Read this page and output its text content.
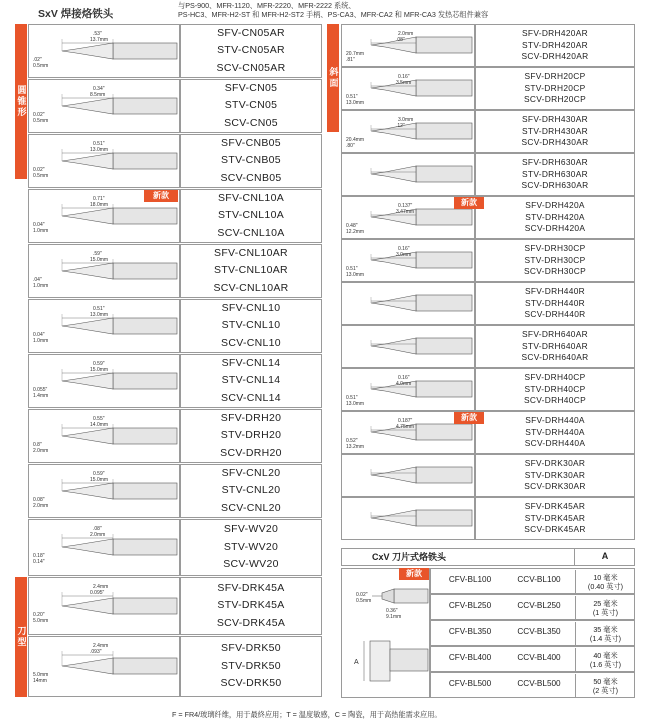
SxV 焊接烙铁头
与PS-900、MFR-1120、MFR-2220、MFR-2222 系统、
PS-HC3、MFR-H2-ST 和 MFR-H2-ST2 手柄、PS-CA3、MFR-CA2 和 MFR-CA3 发热芯组件兼容
圆锥形
斜面
刀型
.53"
13.7mm
.02"
0.5mm
SFV-CN05AR
STV-CN05AR
SCV-CN05AR
0.34"
8.5mm
0.02"
0.5mm
SFV-CN05
STV-CN05
SCV-CN05
0.51"
13.0mm
0.02"
0.5mm
SFV-CNB05
STV-CNB05
SCV-CNB05
0.71"
18.0mm
0.04"
1.0mm
SFV-CNL10A
STV-CNL10A
SCV-CNL10A
新款
.59"
15.0mm
.04"
1.0mm
SFV-CNL10AR
STV-CNL10AR
SCV-CNL10AR
0.51"
13.0mm
0.04"
1.0mm
SFV-CNL10
STV-CNL10
SCV-CNL10
0.59"
15.0mm
0.055"
1.4mm
SFV-CNL14
STV-CNL14
SCV-CNL14
0.55"
14.0mm
0.8"
2.0mm
SFV-DRH20
STV-DRH20
SCV-DRH20
0.59"
15.0mm
0.08"
2.0mm
SFV-CNL20
STV-CNL20
SCV-CNL20
.08"
2.0mm
0.18"
0.14"
SFV-WV20
STV-WV20
SCV-WV20
2.4mm
0.095"
0.20"
5.0mm
SFV-DRK45A
STV-DRK45A
SCV-DRK45A
2.4mm
.093"
5.0mm
14mm
SFV-DRK50
STV-DRK50
SCV-DRK50
2.0mm
.08"
20.7mm
.81"
SFV-DRH420AR
STV-DRH420AR
SCV-DRH420AR
0.16"
3.5mm
0.51"
13.0mm
SFV-DRH20CP
STV-DRH20CP
SCV-DRH20CP
3.0mm
.12"
20.4mm
.80"
SFV-DRH430AR
STV-DRH430AR
SCV-DRH430AR
SFV-DRH630AR
STV-DRH630AR
SCV-DRH630AR
0.137"
3.47mm
0.48"
12.2mm
SFV-DRH420A
STV-DRH420A
SCV-DRH420A
新款
0.16"
3.0mm
0.51"
13.0mm
SFV-DRH30CP
STV-DRH30CP
SCV-DRH30CP
SFV-DRH440R
STV-DRH440R
SCV-DRH440R
SFV-DRH640AR
STV-DRH640AR
SCV-DRH640AR
0.16"
4.0mm
0.51"
13.0mm
SFV-DRH40CP
STV-DRH40CP
SCV-DRH40CP
0.187"
4.75mm
0.52"
13.2mm
SFV-DRH440A
STV-DRH440A
SCV-DRH440A
新款
SFV-DRK30AR
STV-DRK30AR
SCV-DRK30AR
SFV-DRK45AR
STV-DRK45AR
SCV-DRK45AR
CxV 刀片式烙铁头	A
0.02"
0.5mm
0.36"
9.1mm
A
新款
CFV-BL100	CCV-BL100	10 毫米
(0.40 英寸)
CFV-BL250	CCV-BL250	25 毫米
(1 英寸)
CFV-BL350	CCV-BL350	35 毫米
(1.4 英寸)
CFV-BL400	CCV-BL400	40 毫米
(1.6 英寸)
CFV-BL500	CCV-BL500	50 毫米
(2 英寸)
F = FR4/玻璃纤维，用于最終应用；T = 温度敏感，C = 陶瓷，用于高热能需求应用。
